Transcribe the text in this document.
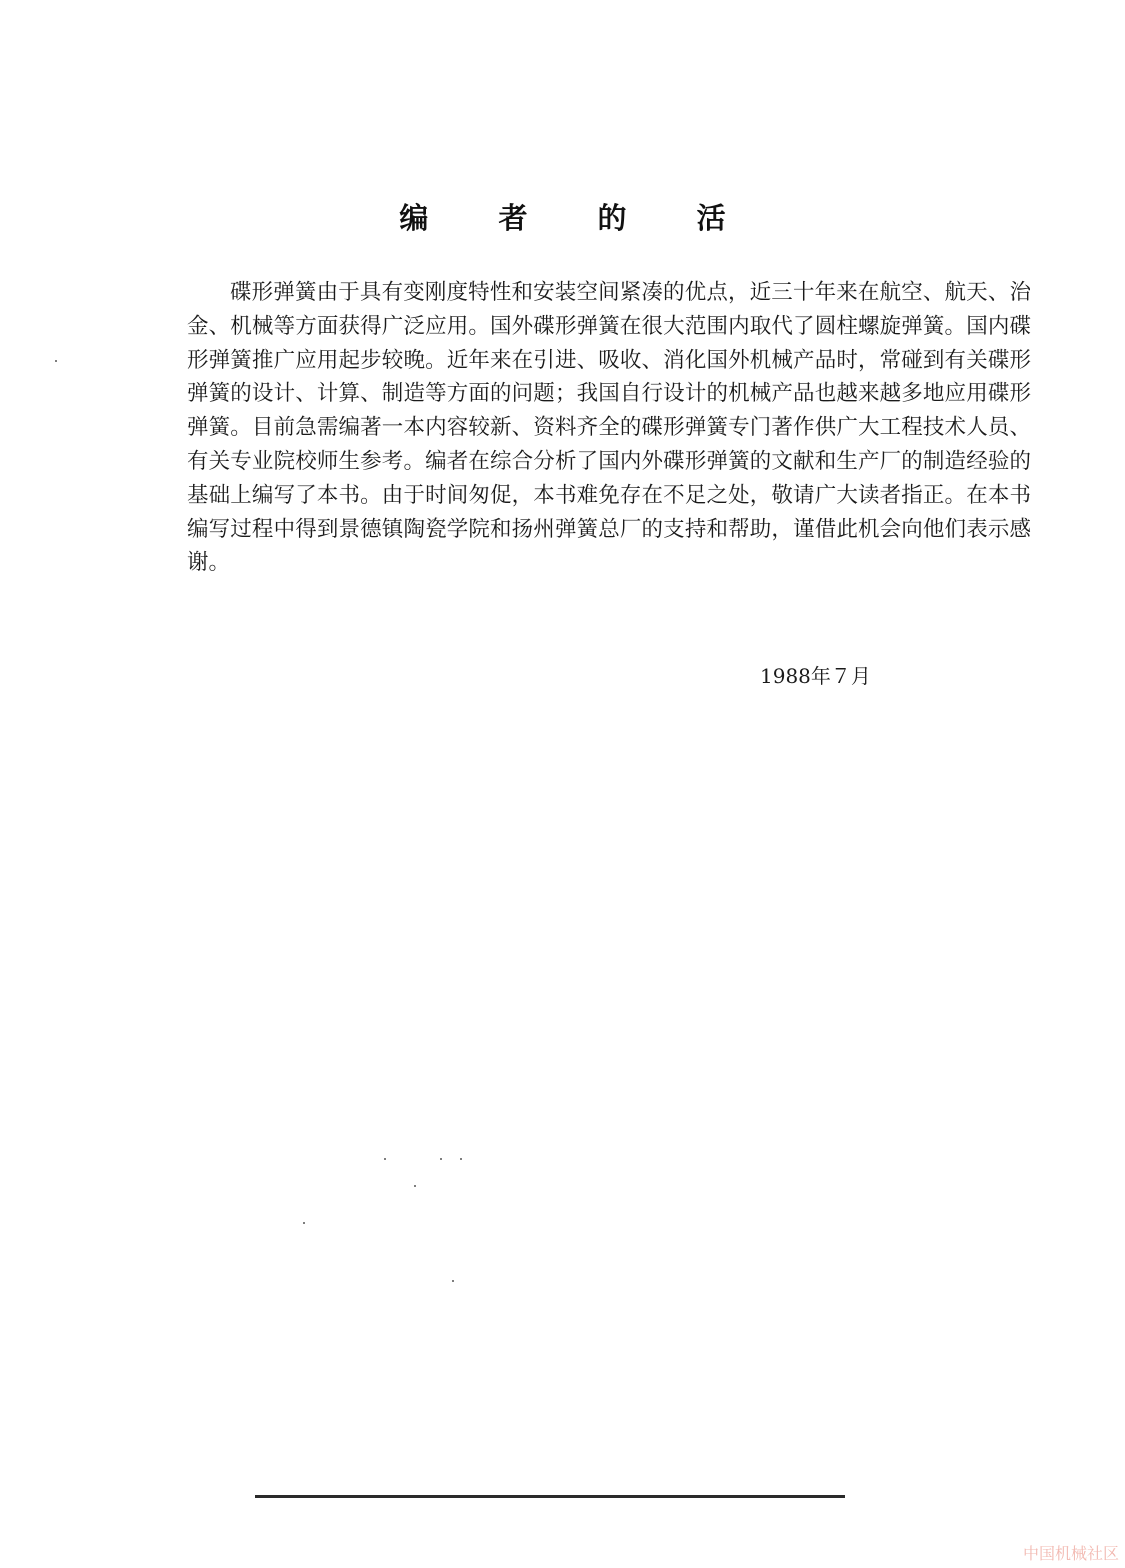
编 者 的 活

碟形弹簧由于具有变刚度特性和安装空间紧凑的优点，近三十年来在航空、航天、治金、机械等方面获得广泛应用。国外碟形弹簧在很大范围内取代了圆柱螺旋弹簧。国内碟形弹簧推广应用起步较晚。近年来在引进、吸收、消化国外机械产品时，常碰到有关碟形弹簧的设计、计算、制造等方面的问题；我国自行设计的机械产品也越来越多地应用碟形弹簧。目前急需编著一本内容较新、资料齐全的碟形弹簧专门著作供广大工程技术人员、有关专业院校师生参考。编者在综合分析了国内外碟形弹簧的文献和生产厂的制造经验的基础上编写了本书。由于时间匆促，本书难免存在不足之处，敬请广大读者指正。在本书编写过程中得到景德镇陶瓷学院和扬州弹簧总厂的支持和帮助，谨借此机会向他们表示感谢。

1988年７月
中国机械社区
